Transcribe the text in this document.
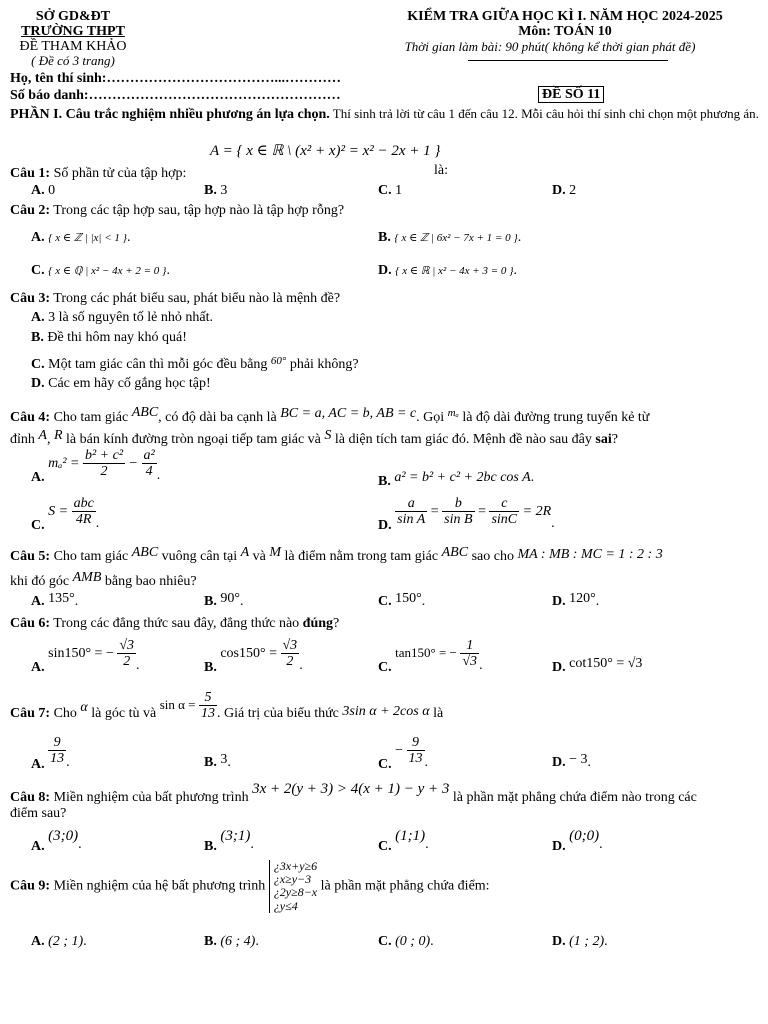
SỞ GD&ĐT
TRƯỜNG THPT
ĐỀ THAM KHẢO
( Đề có 3 trang)
KIỂM TRA GIỮA HỌC KÌ I. NĂM HỌC 2024-2025
Môn: TOÁN 10
Thời gian làm bài: 90 phút( không kể thời gian phát đề)
Họ, tên thí sinh:………………………………...…………
Số báo danh:………………………………………………	ĐỀ SỐ 11
PHẦN I. Câu trắc nghiệm nhiều phương án lựa chọn. Thí sinh trả lời từ câu 1 đến câu 12. Mỗi câu hỏi thí sinh chỉ chọn một phương án.
A = { x ∈ ℝ \ (x² + x)² = x² − 2x + 1 }
Câu 1: Số phần tử của tập hợp:	là:
A. 0	B. 3	C. 1	D. 2
Câu 2: Trong các tập hợp sau, tập hợp nào là tập hợp rỗng?
A. { x ∈ ℤ | |x| < 1 }.	B. { x ∈ ℤ | 6x² − 7x + 1 = 0 }.
C. { x ∈ ℚ | x² − 4x + 2 = 0 }.	D. { x ∈ ℝ | x² − 4x + 3 = 0 }.
Câu 3: Trong các phát biểu sau, phát biểu nào là mệnh đề?
A. 3 là số nguyên tố lẻ nhỏ nhất.
B. Đề thi hôm nay khó quá!
C. Một tam giác cân thì mỗi góc đều bằng $^{60^\circ}$ phải không?
D. Các em hãy cố gắng học tập!
Câu 4: Cho tam giác ABC, có độ dài ba cạnh là BC = a, AC = b, AB = c. Gọi $^{m_a}$ là độ dài đường trung tuyến kẻ từ
đỉnh A, R là bán kính đường tròn ngoại tiếp tam giác và S là diện tích tam giác đó. Mệnh đề nào sau đây sai?
A. $m_a^2 = \frac{\text{b² + c²}}{2} - \frac{\text{a²}}{4}$ .	B. a² = b² + c² + 2bc cos A.
C. $S = \frac{\text{abc}}{4R}$ .	D. $\frac{a}{\text{sin A}} = \frac{b}{\text{sin B}} = \frac{c}{\sin C} = 2R$.
Câu 5: Cho tam giác ABC vuông cân tại A và M là điểm nằm trong tam giác ABC sao cho MA : MB : MC = 1 : 2 : 3
khi đó góc AMB bằng bao nhiêu?
A. 135°.	B. 90°.	C. 150°.	D. 120°.
Câu 6: Trong các đẳng thức sau đây, đẳng thức nào đúng?
A. sin150° = − $\frac{√3}{2}$ .	B. $\cos 150^\circ = \frac{√3}{2}$ .	C. tan150° = − $\frac{1}{√3}$ .	D. cot150° = √3
Câu 7: Cho α là góc tù và $\sin \alpha = \frac{5}{13}$ . Giá trị của biểu thức 3sin α + 2cos α là
A. $\frac{9}{13}$ .	B. 3.	C. − $\frac{9}{13}$ .	D. − 3.
Câu 8: Miền nghiệm của bất phương trình 3x + 2(y + 3) > 4(x + 1) − y + 3 là phần mặt phẳng chứa điểm nào trong các
điểm sau?
A. (3;0).	B. (3;1).	C. (1;1).	D. (0;0).
Câu 9: Miền nghiệm của hệ bất phương trình
¿3x+y≥6
¿x≥y−3
¿2y≥8−x
¿y≤4
là phần mặt phẳng chứa điểm:
A. (2 ; 1).	B. (6 ; 4).	C. (0 ; 0).	D. (1 ; 2).
